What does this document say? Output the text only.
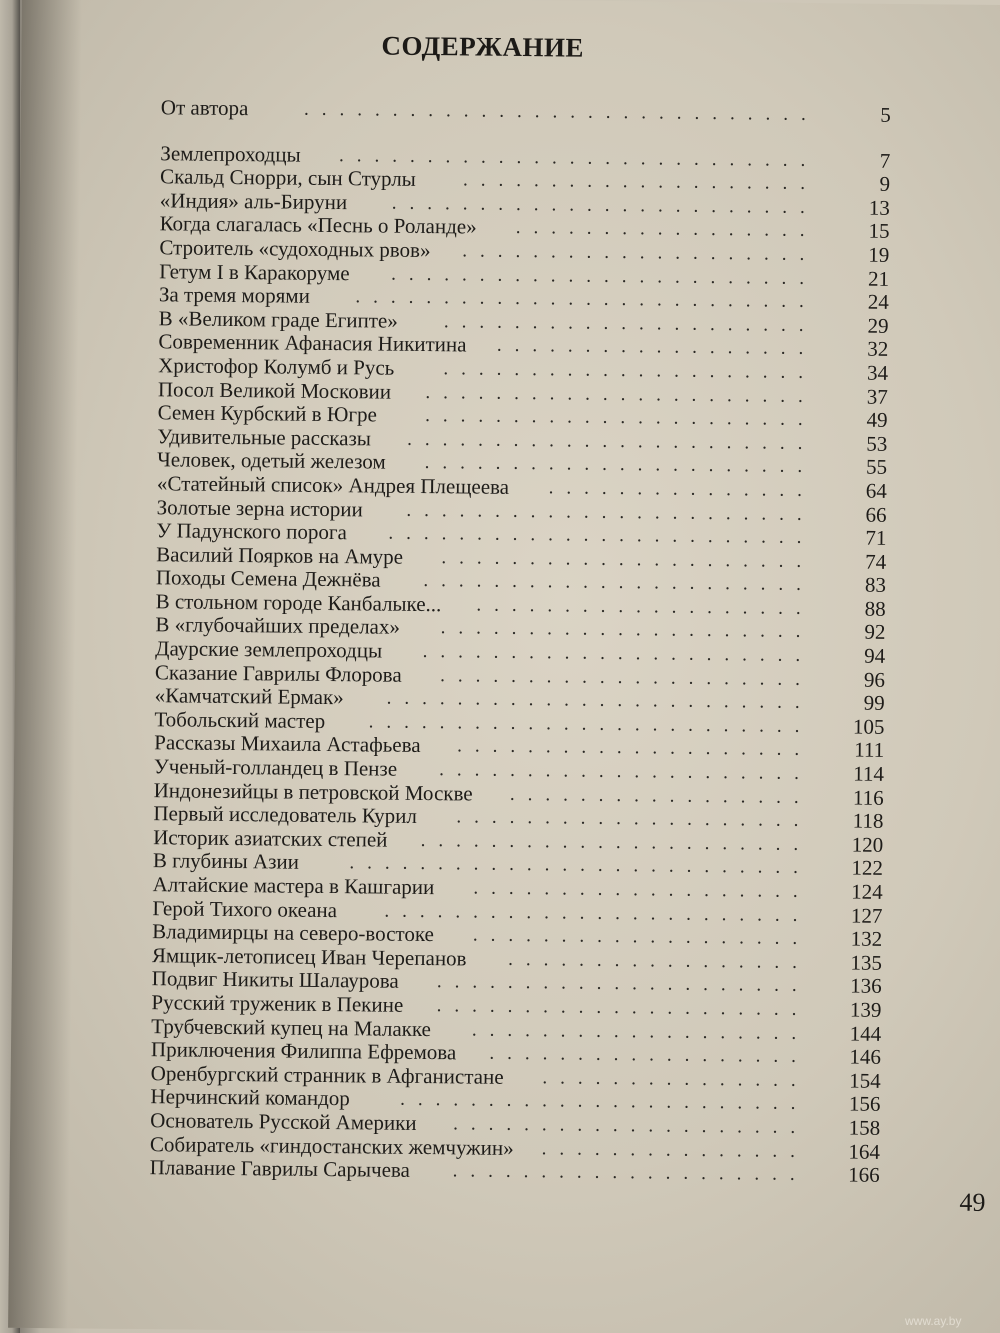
СОДЕРЖАНИЕ
От автора	.............................	5
Землепроходцы ...........................	7
Скальд Снорри, сын Стурлы ....................	9
«Индия» аль-Бируни ........................	13
Когда слагалась «Песнь о Роланде» .................	15
Строитель «судоходных рвов» ....................	19
Гетум I в Каракоруме ........................	21
За тремя морями ..........................	24
В «Великом граде Египте» .....................	29
Современник Афанасия Никитина ..................	32
Христофор Колумб и Русь	.....................	34
Посол Великой Московии ......................	37
Семен Курбский в Югре	......................	49
Удивительные рассказы .......................	53
Человек, одетый железом ......................	55
«Статейный список» Андрея Плещеева ...............	64
Золотые зерна истории .......................	66
У Падунского порога ........................	71
Василий Поярков на Амуре .....................	74
Походы Семена Дежнёва ......................	83
В стольном городе Канбалыке... ...................	88
В «глубочайших пределах» .....................	92
Даурские землепроходцы ......................	94
Сказание Гаврилы Флорова .....................	96
«Камчатский Ермак» ........................	99
Тобольский мастер .........................	105
Рассказы Михаила Астафьева ....................	111
Ученый-голландец в Пензе .....................	114
Индонезийцы в петровской Москве .................	116
Первый исследователь Курил ....................	118
Историк азиатских степей ......................	120
В глубины Азии	..........................	122
Алтайские мастера в Кашгарии ...................	124
Герой Тихого океана ........................	127
Владимирцы на северо-востоке ...................	132
Ямщик-летописец Иван Черепанов .................	135
Подвиг Никиты Шалаурова .....................	136
Русский труженик в Пекине .....................	139
Трубчевский купец на Малакке ...................	144
Приключения Филиппа Ефремова ..................	146
Оренбургский странник в Афганистане ...............	154
Нерчинский командор	.......................	156
Основатель Русской Америки ....................	158
Собиратель «гиндостанских жемчужин» ...............	164
Плавание Гаврилы Сарычева ....................	166
49
www.ay.by
